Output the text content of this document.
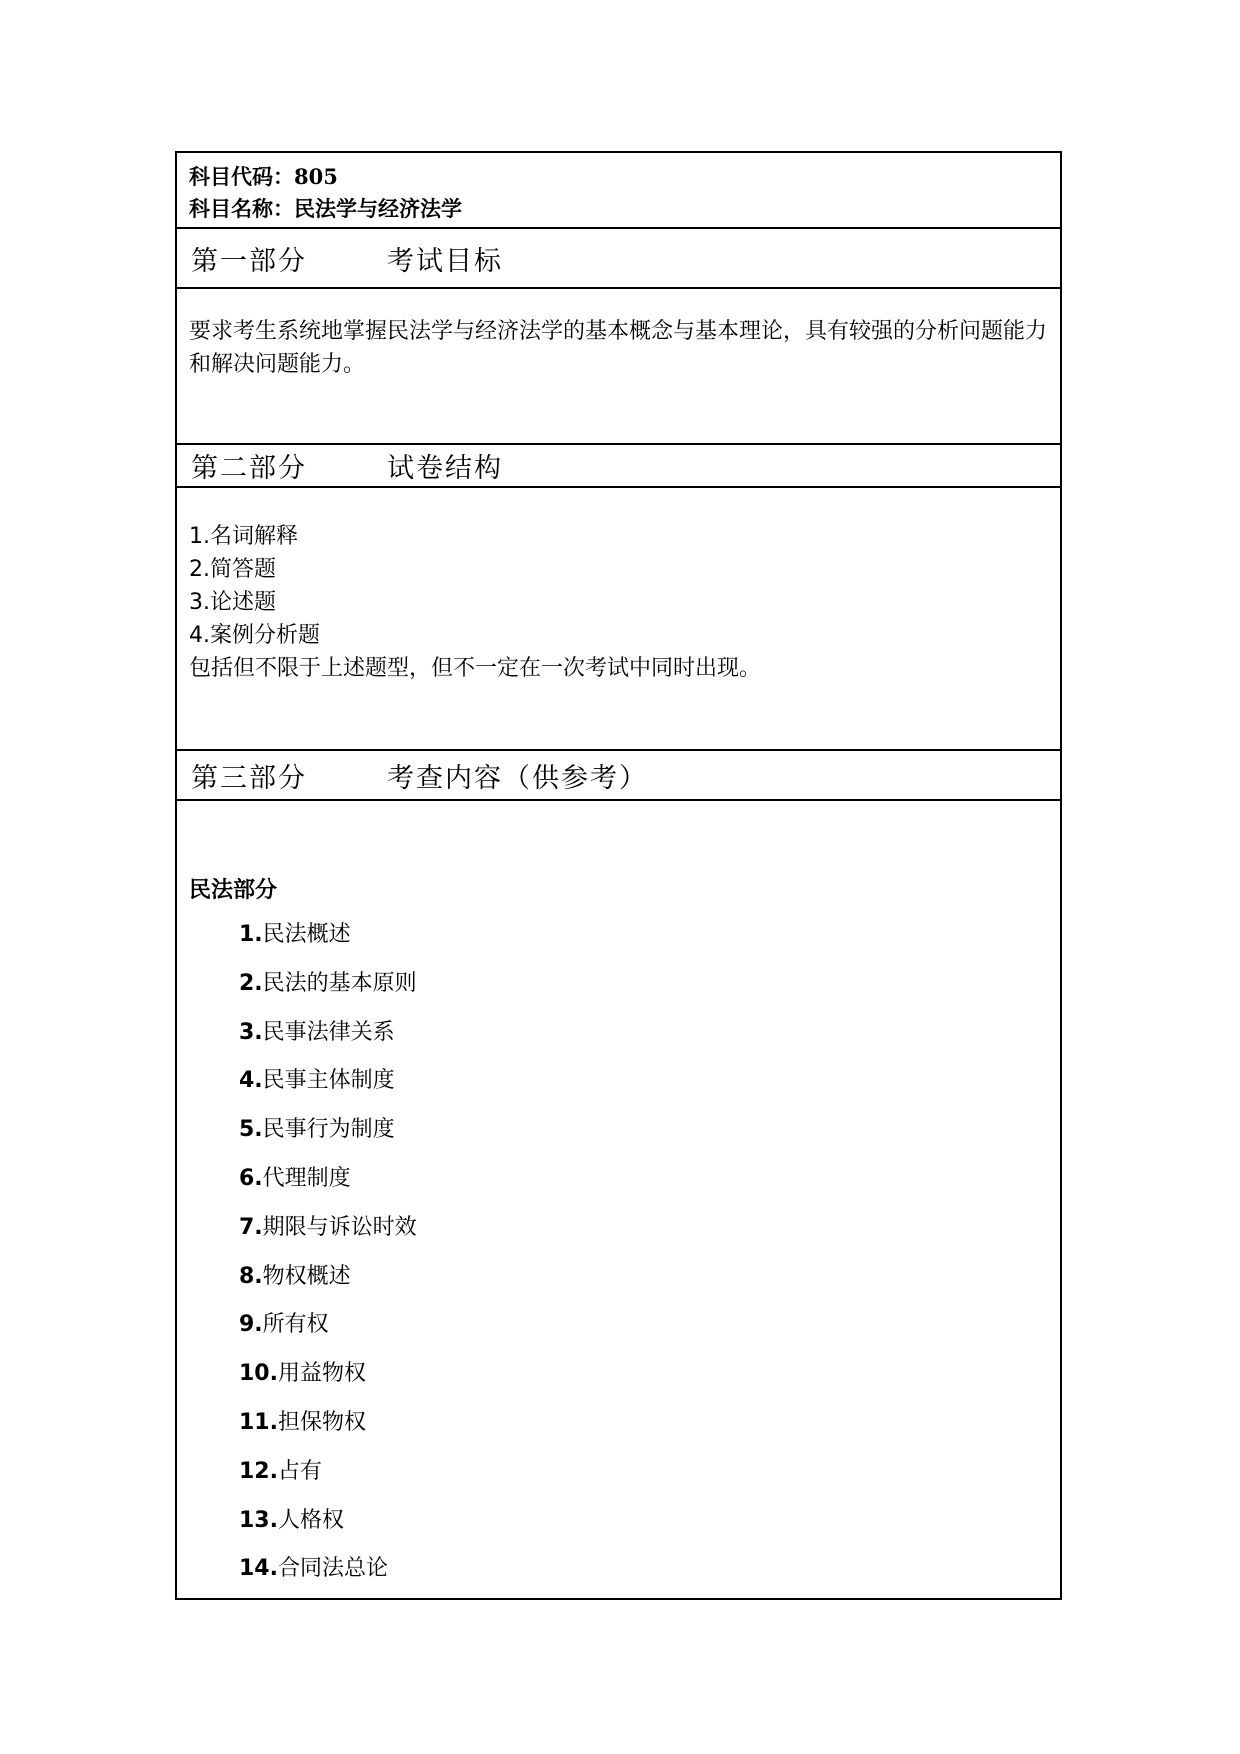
科目代码：805
科目名称：民法学与经济法学
第一部分	考试目标
要求考生系统地掌握民法学与经济法学的基本概念与基本理论，具有较强的分析问题能力和解决问题能力。
第二部分	试卷结构
1.名词解释
2.简答题
3.论述题
4.案例分析题
包括但不限于上述题型，但不一定在一次考试中同时出现。
第三部分	考查内容（供参考）
民法部分
1.民法概述
2.民法的基本原则
3.民事法律关系
4.民事主体制度
5.民事行为制度
6.代理制度
7.期限与诉讼时效
8.物权概述
9.所有权
10.用益物权
11.担保物权
12.占有
13.人格权
14.合同法总论
